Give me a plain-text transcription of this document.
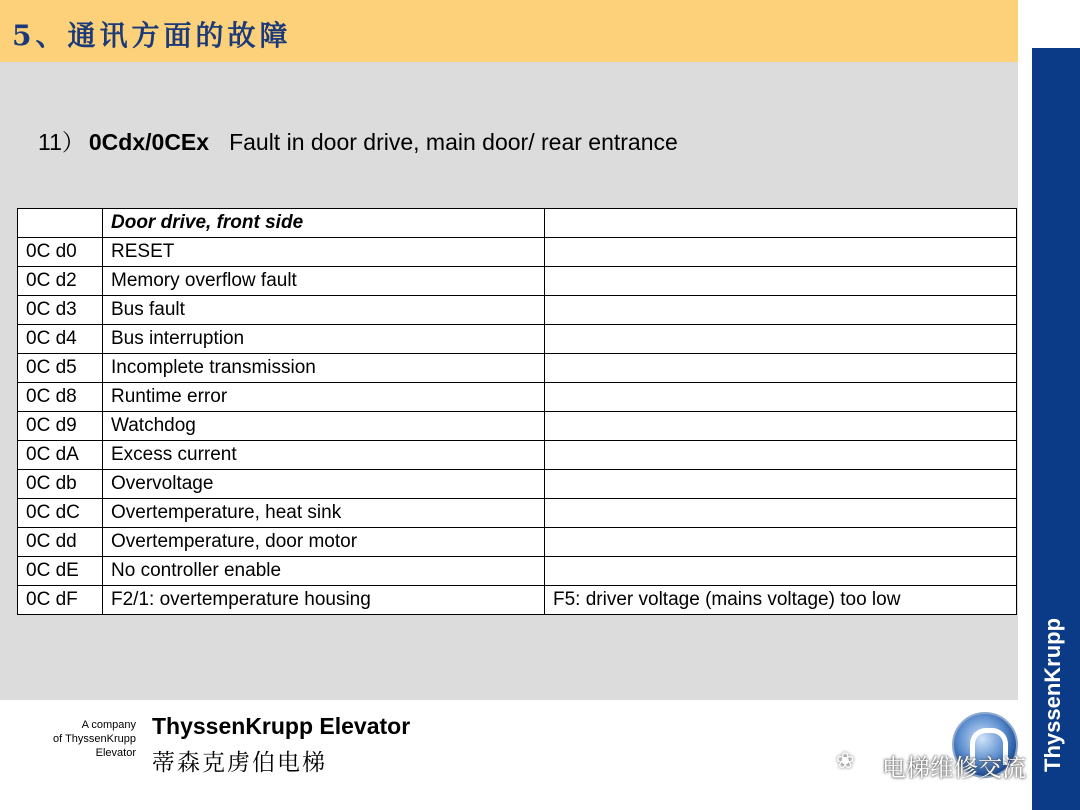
5、通讯方面的故障
ThyssenKrupp
11） 0Cdx/0CEx Fault in door drive, main door/ rear entrance
	Door drive, front side	
0C d0	RESET	
0C d2	Memory overflow fault	
0C d3	Bus fault	
0C d4	Bus interruption	
0C d5	Incomplete transmission	
0C d8	Runtime error	
0C d9	Watchdog	
0C dA	Excess current	
0C db	Overvoltage	
0C dC	Overtemperature, heat sink	
0C dd	Overtemperature, door motor	
0C dE	No controller enable	
0C dF	F2/1: overtemperature housing	F5: driver voltage (mains voltage) too low
A company
of ThyssenKrupp
Elevator
ThyssenKrupp Elevator
蒂森克虏伯电梯	❀	电梯维修交流
